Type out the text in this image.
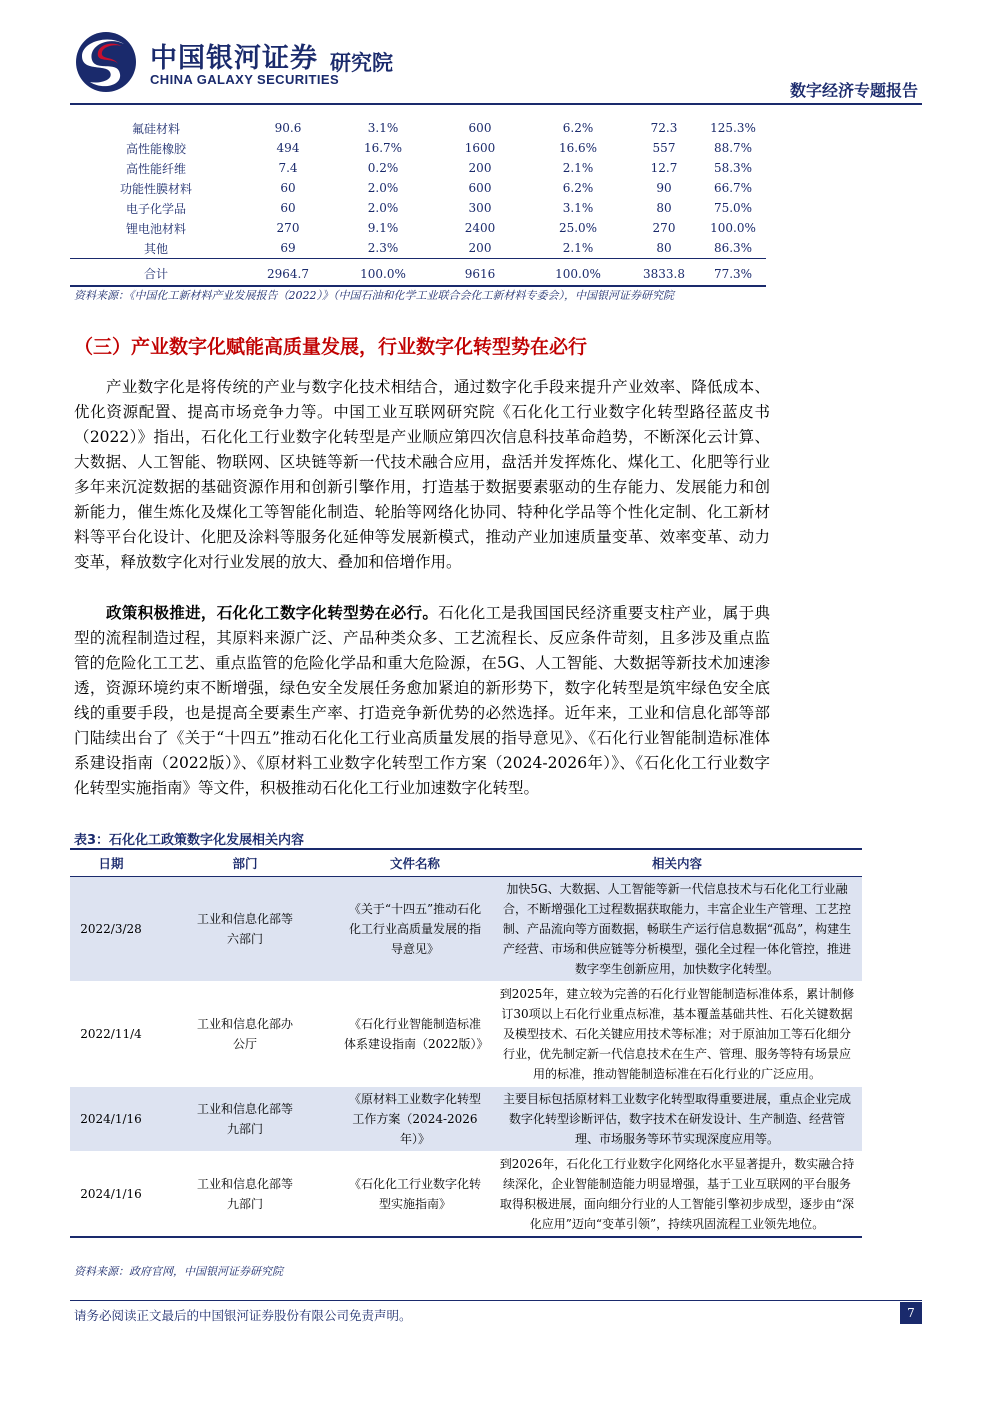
中国银河证券
CHINA GALAXY SECURITIES
研究院
数字经济专题报告
氟硅材料	90.6	3.1%	600	6.2%	72.3	125.3%
高性能橡胶	494	16.7%	1600	16.6%	557	88.7%
高性能纤维	7.4	0.2%	200	2.1%	12.7	58.3%
功能性膜材料	60	2.0%	600	6.2%	90	66.7%
电子化学品	60	2.0%	300	3.1%	80	75.0%
锂电池材料	270	9.1%	2400	25.0%	270	100.0%
其他	69	2.3%	200	2.1%	80	86.3%
合计	2964.7	100.0%	9616	100.0%	3833.8	77.3%
资料来源：《中国化工新材料产业发展报告（2022）》（中国石油和化学工业联合会化工新材料专委会），中国银河证券研究院
（三）产业数字化赋能高质量发展，行业数字化转型势在必行

产业数字化是将传统的产业与数字化技术相结合，通过数字化手段来提升产业效率、降低成本、优化资源配置、提高市场竞争力等。中国工业互联网研究院《石化化工行业数字化转型路径蓝皮书（2022）》指出，石化化工行业数字化转型是产业顺应第四次信息科技革命趋势，不断深化云计算、大数据、人工智能、物联网、区块链等新一代技术融合应用，盘活并发挥炼化、煤化工、化肥等行业多年来沉淀数据的基础资源作用和创新引擎作用，打造基于数据要素驱动的生存能力、发展能力和创新能力，催生炼化及煤化工等智能化制造、轮胎等网络化协同、特种化学品等个性化定制、化工新材料等平台化设计、化肥及涂料等服务化延伸等发展新模式，推动产业加速质量变革、效率变革、动力变革，释放数字化对行业发展的放大、叠加和倍增作用。

政策积极推进，石化化工数字化转型势在必行。石化化工是我国国民经济重要支柱产业，属于典型的流程制造过程，其原料来源广泛、产品种类众多、工艺流程长、反应条件苛刻，且多涉及重点监管的危险化工工艺、重点监管的危险化学品和重大危险源，在5G、人工智能、大数据等新技术加速渗透，资源环境约束不断增强，绿色安全发展任务愈加紧迫的新形势下，数字化转型是筑牢绿色安全底线的重要手段，也是提高全要素生产率、打造竞争新优势的必然选择。近年来，工业和信息化部等部门陆续出台了《关于“十四五”推动石化化工行业高质量发展的指导意见》、《石化行业智能制造标准体系建设指南（2022版）》、《原材料工业数字化转型工作方案（2024-2026年）》、《石化化工行业数字化转型实施指南》等文件，积极推动石化化工行业加速数字化转型。

表3：石化化工政策数字化发展相关内容
日期	部门	文件名称	相关内容
2022/3/28	工业和信息化部等六部门	《关于“十四五”推动石化化工行业高质量发展的指导意见》	加快5G、大数据、人工智能等新一代信息技术与石化化工行业融合，不断增强化工过程数据获取能力，丰富企业生产管理、工艺控制、产品流向等方面数据，畅联生产运行信息数据“孤岛”，构建生产经营、市场和供应链等分析模型，强化全过程一体化管控，推进数字孪生创新应用，加快数字化转型。
2022/11/4	工业和信息化部办公厅	《石化行业智能制造标准体系建设指南（2022版）》	到2025年，建立较为完善的石化行业智能制造标准体系，累计制修订30项以上石化行业重点标准，基本覆盖基础共性、石化关键数据及模型技术、石化关键应用技术等标准；对于原油加工等石化细分行业，优先制定新一代信息技术在生产、管理、服务等特有场景应用的标准，推动智能制造标准在石化行业的广泛应用。
2024/1/16	工业和信息化部等九部门	《原材料工业数字化转型工作方案（2024-2026年）》	主要目标包括原材料工业数字化转型取得重要进展，重点企业完成数字化转型诊断评估，数字技术在研发设计、生产制造、经营管理、市场服务等环节实现深度应用等。
2024/1/16	工业和信息化部等九部门	《石化化工行业数字化转型实施指南》	到2026年，石化化工行业数字化网络化水平显著提升，数实融合持续深化，企业智能制造能力明显增强，基于工业互联网的平台服务取得积极进展，面向细分行业的人工智能引擎初步成型，逐步由“深化应用”迈向“变革引领”，持续巩固流程工业领先地位。
资料来源：政府官网，中国银河证券研究院
请务必阅读正文最后的中国银河证券股份有限公司免责声明。	7
